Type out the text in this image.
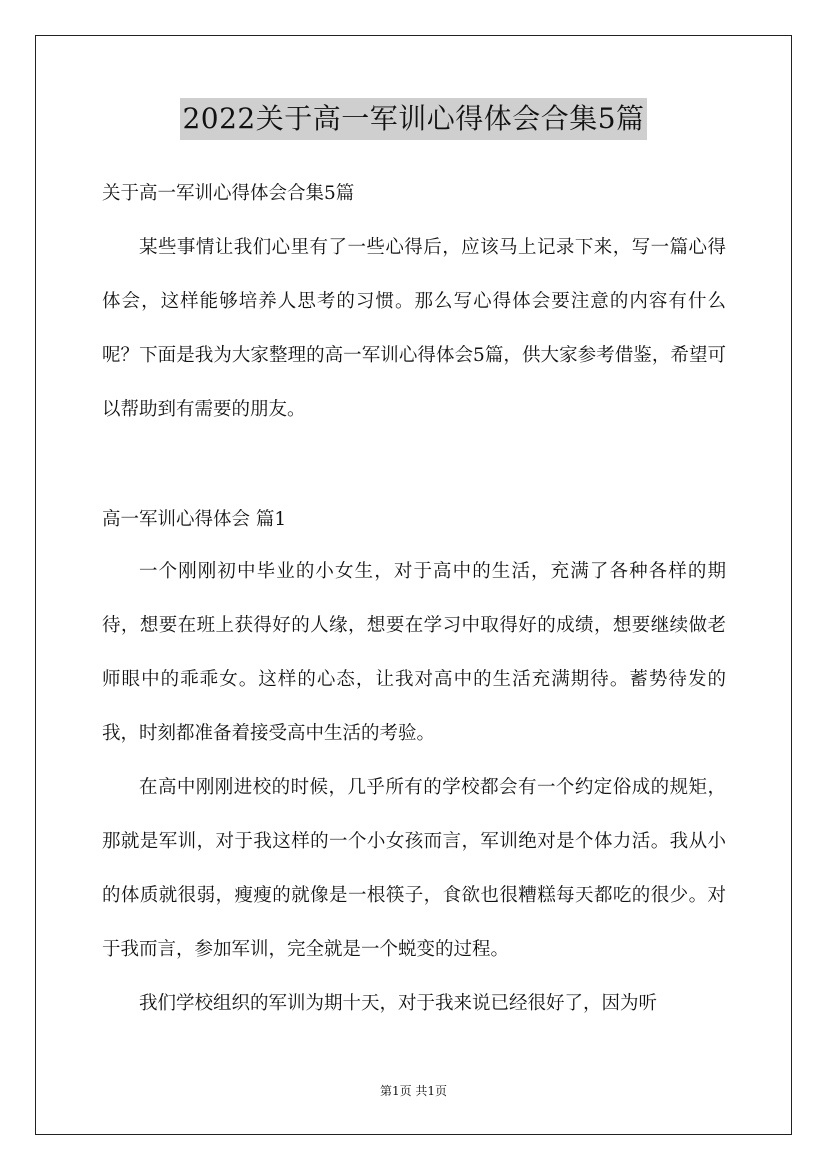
2022关于高一军训心得体会合集5篇
关于高一军训心得体会合集5篇
某些事情让我们心里有了一些心得后，应该马上记录下来，写一篇心得体会，这样能够培养人思考的习惯。那么写心得体会要注意的内容有什么呢？下面是我为大家整理的高一军训心得体会5篇，供大家参考借鉴，希望可以帮助到有需要的朋友。
高一军训心得体会 篇1
一个刚刚初中毕业的小女生，对于高中的生活，充满了各种各样的期待，想要在班上获得好的人缘，想要在学习中取得好的成绩，想要继续做老师眼中的乖乖女。这样的心态，让我对高中的生活充满期待。蓄势待发的我，时刻都准备着接受高中生活的考验。
在高中刚刚进校的时候，几乎所有的学校都会有一个约定俗成的规矩，那就是军训，对于我这样的一个小女孩而言，军训绝对是个体力活。我从小的体质就很弱，瘦瘦的就像是一根筷子，食欲也很糟糕每天都吃的很少。对于我而言，参加军训，完全就是一个蜕变的过程。
我们学校组织的军训为期十天，对于我来说已经很好了，因为听
第1页 共1页
